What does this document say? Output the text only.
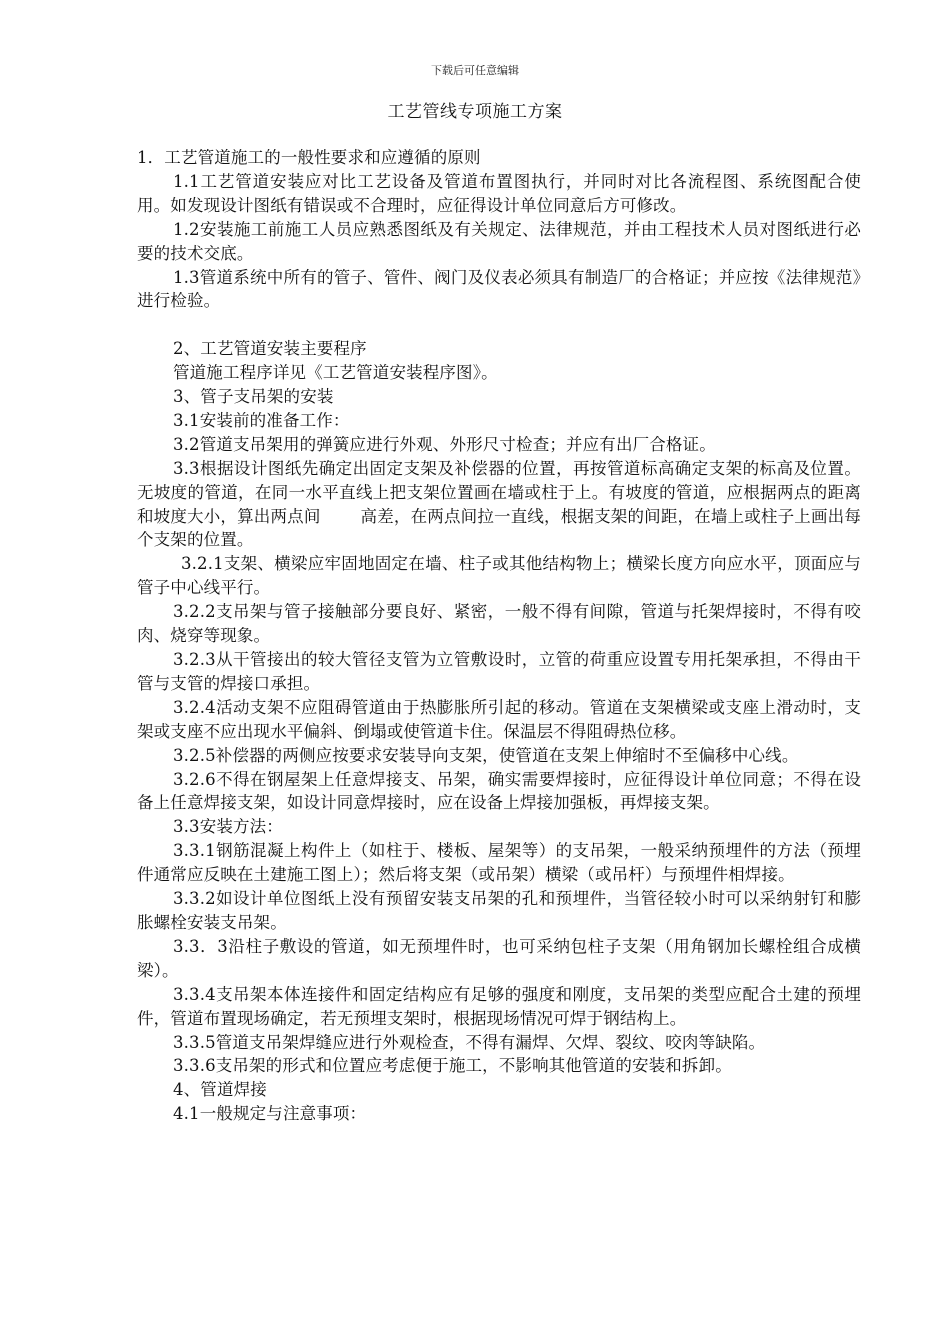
下载后可任意编辑
工艺管线专项施工方案

1．工艺管道施工的一般性要求和应遵循的原则

1.1工艺管道安装应对比工艺设备及管道布置图执行，并同时对比各流程图、系统图配合使用。如发现设计图纸有错误或不合理时，应征得设计单位同意后方可修改。

1.2安装施工前施工人员应熟悉图纸及有关规定、法律规范，并由工程技术人员对图纸进行必要的技术交底。

1.3管道系统中所有的管子、管件、阀门及仪表必须具有制造厂的合格证；并应按《法律规范》进行检验。

2、工艺管道安装主要程序

管道施工程序详见《工艺管道安装程序图》。

3、管子支吊架的安装

3.1安装前的准备工作：

3.2管道支吊架用的弹簧应进行外观、外形尺寸检查；并应有出厂合格证。

3.3根据设计图纸先确定出固定支架及补偿器的位置，再按管道标高确定支架的标高及位置。无坡度的管道，在同一水平直线上把支架位置画在墙或柱于上。有坡度的管道，应根据两点的距离和坡度大小，算出两点间 高差，在两点间拉一直线，根据支架的间距，在墙上或柱子上画出每个支架的位置。

3.2.1支架、横梁应牢固地固定在墙、柱子或其他结构物上；横梁长度方向应水平，顶面应与管子中心线平行。

3.2.2支吊架与管子接触部分要良好、紧密，一般不得有间隙，管道与托架焊接时，不得有咬肉、烧穿等现象。

3.2.3从干管接出的较大管径支管为立管敷设时，立管的荷重应设置专用托架承担，不得由干管与支管的焊接口承担。

3.2.4活动支架不应阻碍管道由于热膨胀所引起的移动。管道在支架横梁或支座上滑动时，支架或支座不应出现水平偏斜、倒塌或使管道卡住。保温层不得阻碍热位移。

3.2.5补偿器的两侧应按要求安装导向支架，使管道在支架上伸缩时不至偏移中心线。

3.2.6不得在钢屋架上任意焊接支、吊架，确实需要焊接时，应征得设计单位同意；不得在设备上任意焊接支架，如设计同意焊接时，应在设备上焊接加强板，再焊接支架。

3.3安装方法：

3.3.1钢筋混凝上构件上（如柱于、楼板、屋架等）的支吊架，一般采纳预埋件的方法（预埋件通常应反映在土建施工图上）；然后将支架（或吊架）横梁（或吊杆）与预埋件相焊接。

3.3.2如设计单位图纸上没有预留安装支吊架的孔和预埋件，当管径较小时可以采纳射钉和膨胀螺栓安装支吊架。

3.3．3沿柱子敷设的管道，如无预埋件时，也可采纳包柱子支架（用角钢加长螺栓组合成横梁）。

3.3.4支吊架本体连接件和固定结构应有足够的强度和刚度，支吊架的类型应配合土建的预埋件，管道布置现场确定，若无预埋支架时，根据现场情况可焊于钢结构上。

3.3.5管道支吊架焊缝应进行外观检查，不得有漏焊、欠焊、裂纹、咬肉等缺陷。

3.3.6支吊架的形式和位置应考虑便于施工，不影响其他管道的安装和拆卸。

4、管道焊接

4.1一般规定与注意事项：
